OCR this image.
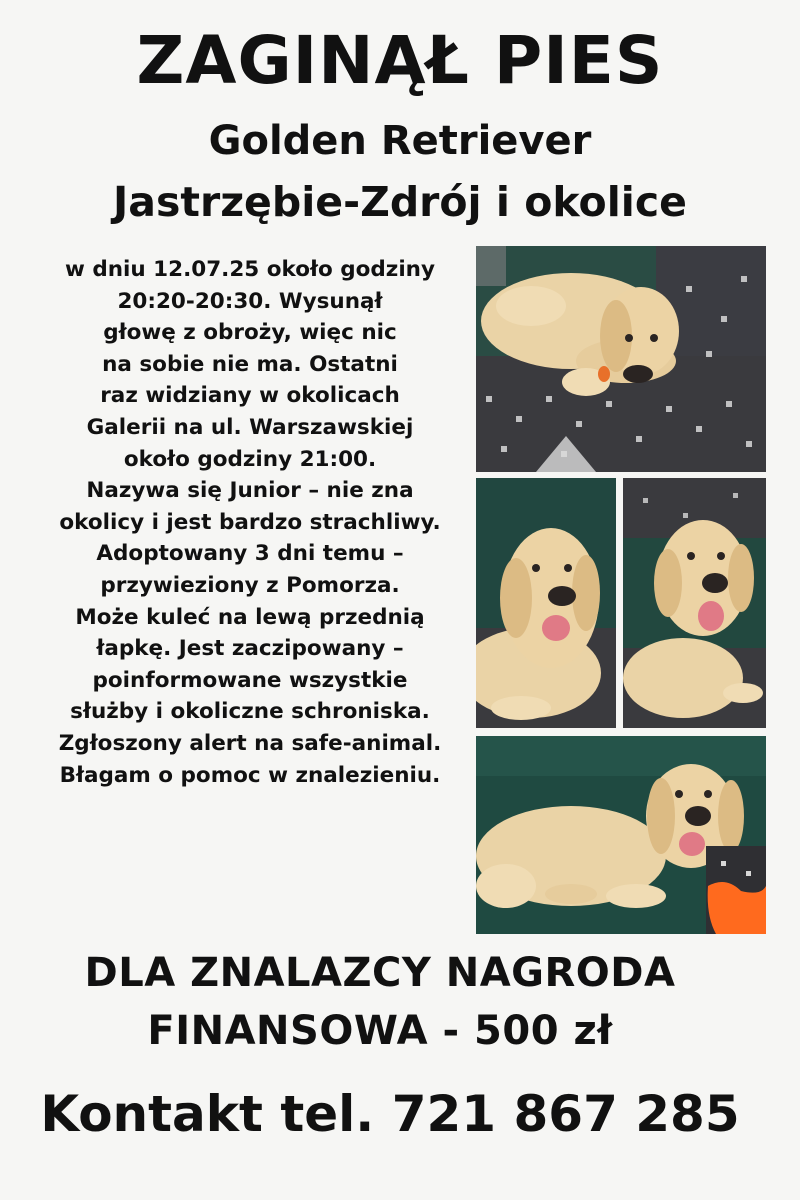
ZAGINĄŁ PIES
Golden Retriever
Jastrzębie-Zdrój i okolice
w dniu 12.07.25 około godziny
20:20-20:30. Wysunął
głowę z obroży, więc nic
na sobie nie ma. Ostatni
raz widziany w okolicach
Galerii na ul. Warszawskiej
około godziny 21:00.
Nazywa się Junior – nie zna
okolicy i jest bardzo strachliwy.
Adoptowany 3 dni temu –
przywieziony z Pomorza.
Może kuleć na lewą przednią
łapkę. Jest zaczipowany –
poinformowane wszystkie
służby i okoliczne schroniska.
Zgłoszony alert na safe-animal.
Błagam o pomoc w znalezieniu.
DLA ZNALAZCY NAGRODA
FINANSOWA - 500 zł
Kontakt tel. 721 867 285
